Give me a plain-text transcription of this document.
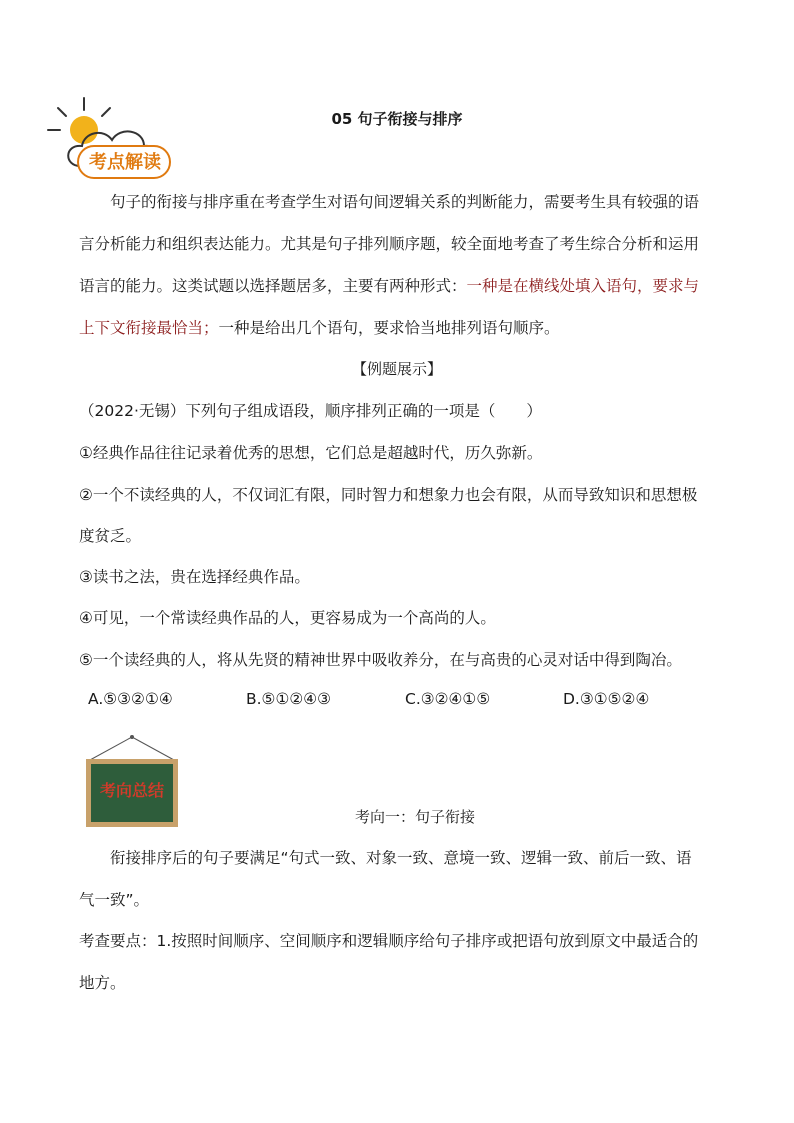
考点解读
05 句子衔接与排序
句子的衔接与排序重在考查学生对语句间逻辑关系的判断能力，需要考生具有较强的语
言分析能力和组织表达能力。尤其是句子排列顺序题，较全面地考查了考生综合分析和运用
语言的能力。这类试题以选择题居多，主要有两种形式：一种是在横线处填入语句，要求与
上下文衔接最恰当；一种是给出几个语句，要求恰当地排列语句顺序。
【例题展示】
（2022·无锡）下列句子组成语段，顺序排列正确的一项是（　　）
①经典作品往往记录着优秀的思想，它们总是超越时代，历久弥新。
②一个不读经典的人，不仅词汇有限，同时智力和想象力也会有限，从而导致知识和思想极
度贫乏。
③读书之法，贵在选择经典作品。
④可见，一个常读经典作品的人，更容易成为一个高尚的人。
⑤一个读经典的人，将从先贤的精神世界中吸收养分，在与高贵的心灵对话中得到陶冶。
A.⑤③②①④	B.⑤①②④③	C.③②④①⑤	D.③①⑤②④
考向总结
考向一：句子衔接
衔接排序后的句子要满足“句式一致、对象一致、意境一致、逻辑一致、前后一致、语
气一致”。
考查要点：1.按照时间顺序、空间顺序和逻辑顺序给句子排序或把语句放到原文中最适合的
地方。
